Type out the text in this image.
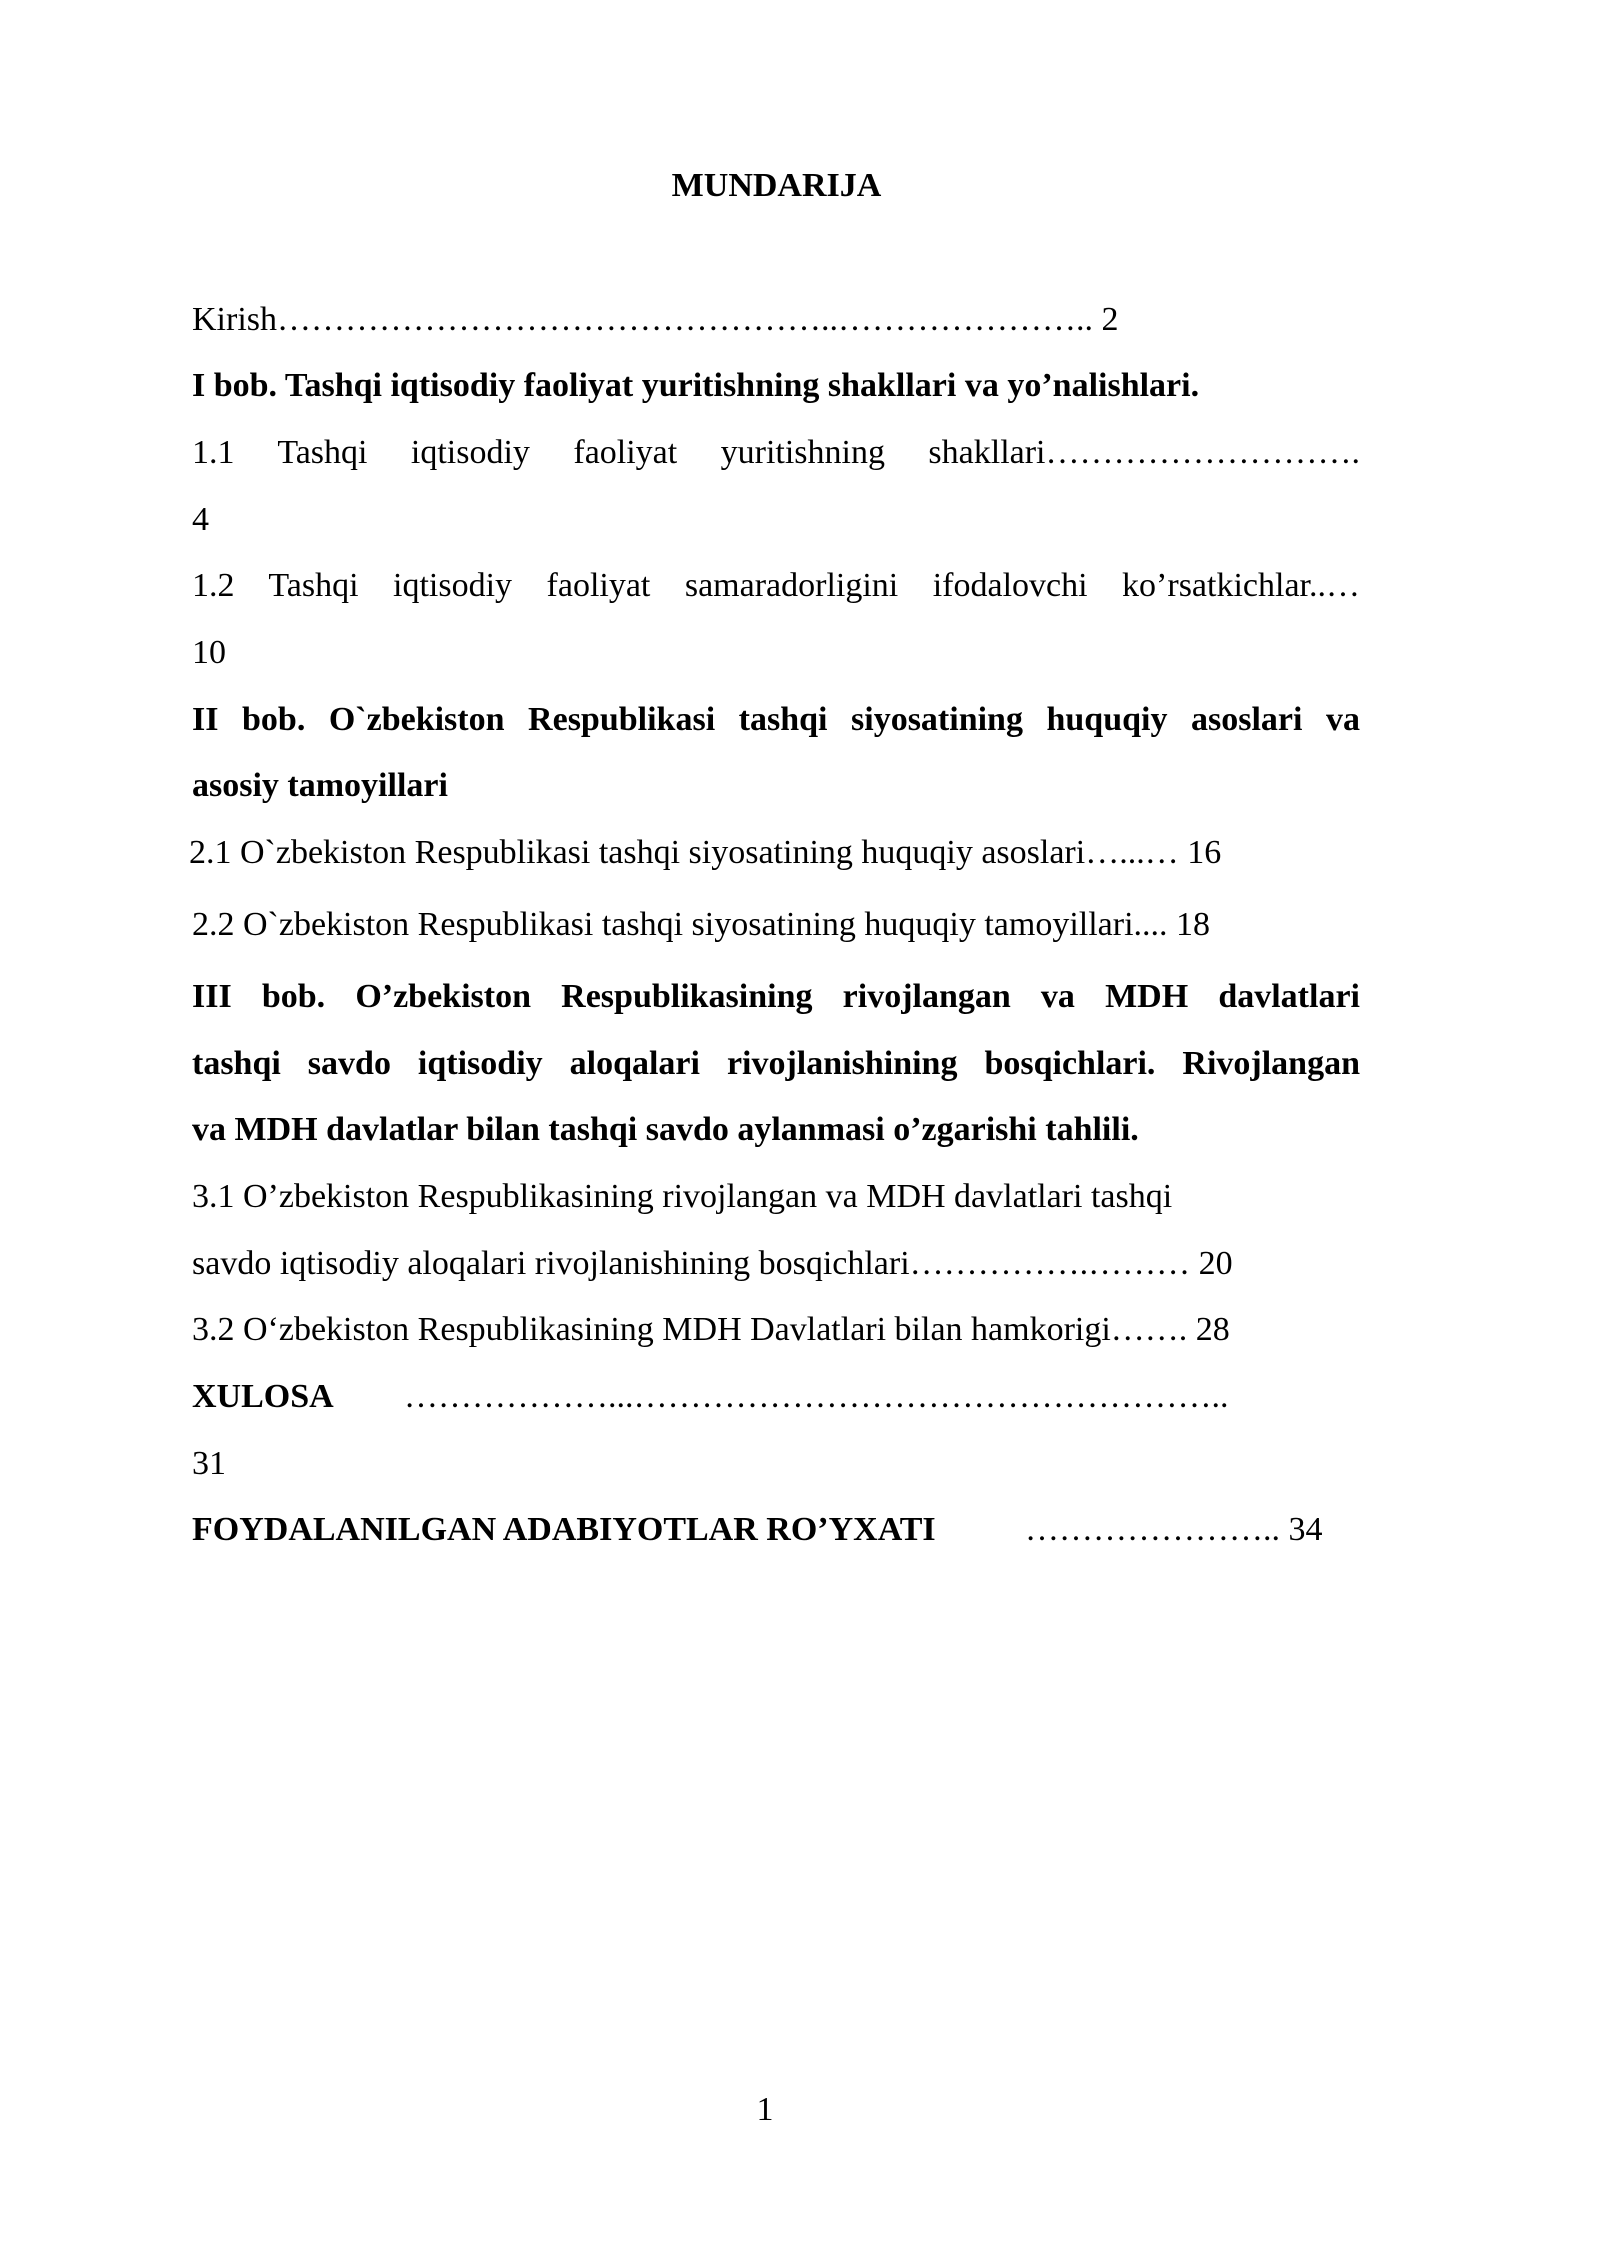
MUNDARIJA
Kirish…………………………………………..………………….. 2
I bob. Tashqi iqtisodiy faoliyat yuritishning shakllari va yo’nalishlari.
1.1 Tashqi iqtisodiy faoliyat yuritishning shakllari……………………….
4
1.2 Tashqi iqtisodiy faoliyat samaradorligini ifodalovchi ko’rsatkichlar..…
10
II bob. O`zbekiston Respublikasi tashqi siyosatining huquqiy asoslari va
asosiy tamoyillari
2.1 O`zbekiston Respublikasi tashqi siyosatining huquqiy asoslari…...… 16
2.2 O`zbekiston Respublikasi tashqi siyosatining huquqiy tamoyillari.... 18
III bob. O’zbekiston Respublikasining rivojlangan va MDH davlatlari
tashqi savdo iqtisodiy aloqalari rivojlanishining bosqichlari. Rivojlangan
va MDH davlatlar bilan tashqi savdo aylanmasi o’zgarishi tahlili.
3.1 O’zbekiston Respublikasining rivojlangan va MDH davlatlari tashqi
savdo iqtisodiy aloqalari rivojlanishining bosqichlari…………….……… 20
3.2 O‘zbekiston Respublikasining MDH Davlatlari bilan hamkorigi……. 28
XULOSA ………………...……………………………………………..
31
FOYDALANILGAN ADABIYOTLAR RO’YXATI	………………….. 34
1
